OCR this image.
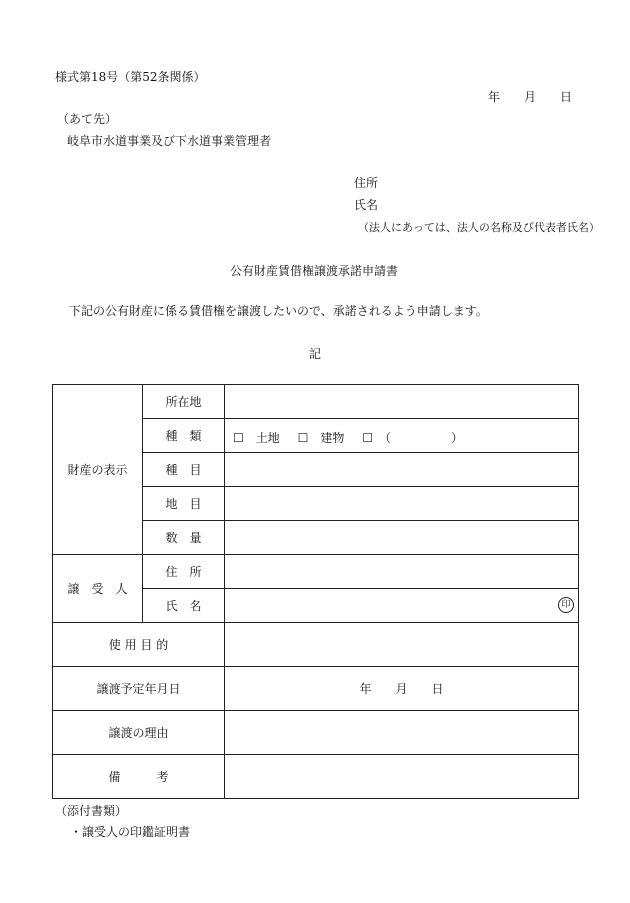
様式第18号（第52条関係）
年　　月　　日
（あて先）
岐阜市水道事業及び下水道事業管理者
住所
氏名
（法人にあっては、法人の名称及び代表者氏名）
公有財産賃借権譲渡承諾申請書
下記の公有財産に係る賃借権を譲渡したいので、承諾されるよう申請します。
記
財産の表示	所在地	
	種　類	☐　土地 ☐　建物 ☐　（　　　　　）

	種　目	
	地　目	
	数　量	
譲　受　人	住　所	
	氏　名	印

使 用 目 的		
譲渡予定年月日		年　　月　　日
譲渡の理由		
備　　　考		
（添付書類）
・譲受人の印鑑証明書
